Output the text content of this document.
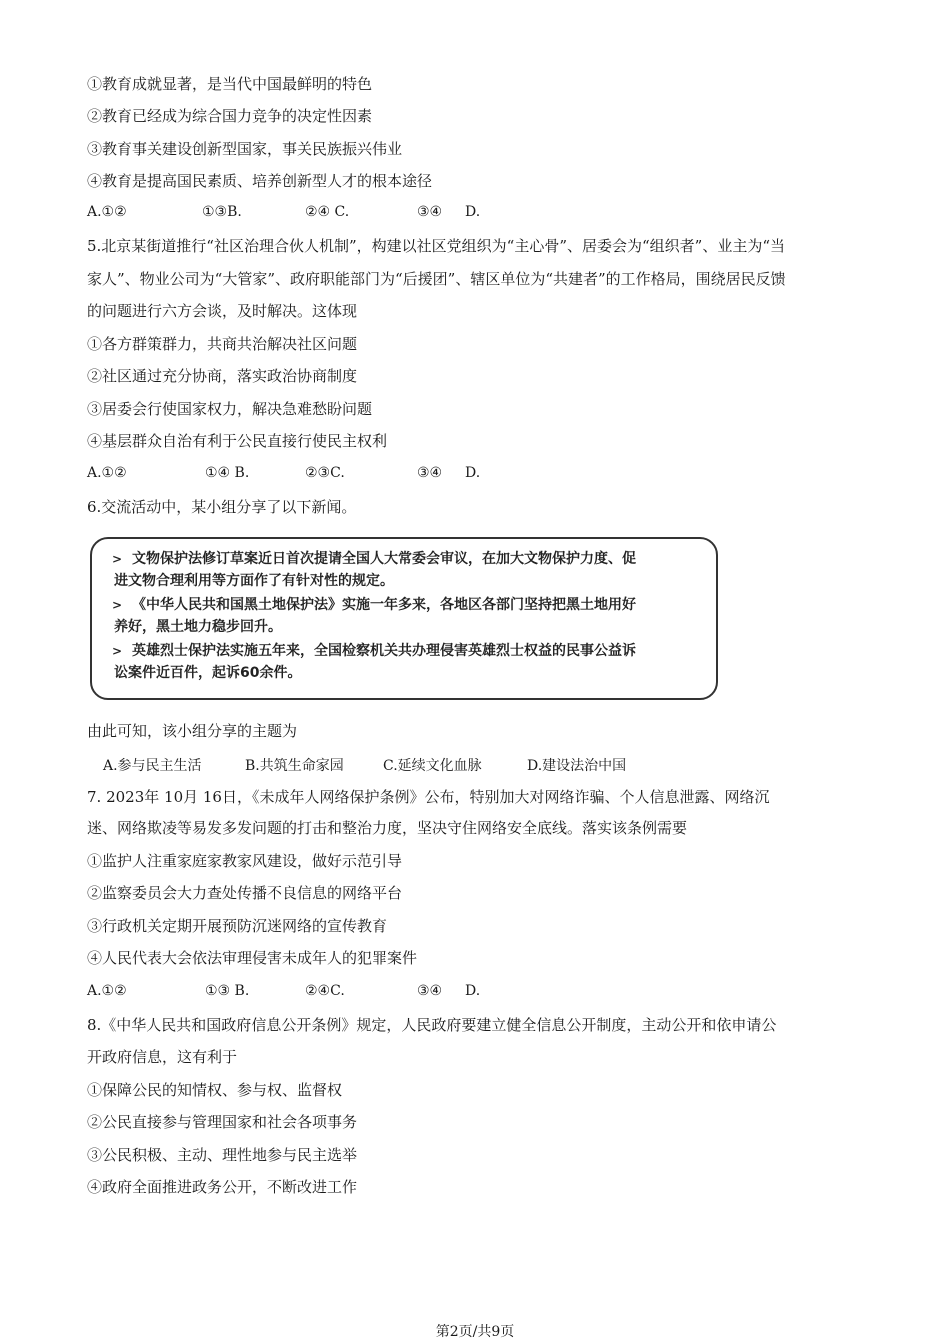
①教育成就显著，是当代中国最鲜明的特色
②教育已经成为综合国力竞争的决定性因素
③教育事关建设创新型国家，事关民族振兴伟业
④教育是提高国民素质、培养创新型人才的根本途径

A.①②

	①③B.

	②④ C.

	③④

D.

5.北京某街道推行“社区治理合伙人机制”，构建以社区党组织为“主心骨”、居委会为“组织者”、业主为“当
家人”、物业公司为“大管家”、政府职能部门为“后援团”、辖区单位为“共建者”的工作格局，围绕居民反馈
的问题进行六方会谈，及时解决。这体现
①各方群策群力，共商共治解决社区问题
②社区通过充分协商，落实政治协商制度
③居委会行使国家权力，解决急难愁盼问题
④基层群众自治有利于公民直接行使民主权利

A.①②

	①④ B.

	②③C.

	③④

D.

6.交流活动中，某小组分享了以下新闻。
> 文物保护法修订草案近日首次提请全国人大常委会审议，在加大文物保护力度、促
进文物合理利用等方面作了有针对性的规定。
> 《中华人民共和国黑土地保护法》实施一年多来，各地区各部门坚持把黑土地用好
养好，黑土地力稳步回升。
> 英雄烈士保护法实施五年来，全国检察机关共办理侵害英雄烈士权益的民事公益诉
讼案件近百件，起诉60余件。
由此可知，该小组分享的主题为

A.参与民主生活

	B.共筑生命家园

	C.延续文化血脉

	D.建设法治中国

7. 2023年 10月 16日，《未成年人网络保护条例》公布，特别加大对网络诈骗、个人信息泄露、网络沉
迷、网络欺凌等易发多发问题的打击和整治力度，坚决守住网络安全底线。落实该条例需要
①监护人注重家庭家教家风建设，做好示范引导
②监察委员会大力查处传播不良信息的网络平台
③行政机关定期开展预防沉迷网络的宣传教育
④人民代表大会依法审理侵害未成年人的犯罪案件

A.①②

	①③ B.

	②④C.

	③④

D.

8.《中华人民共和国政府信息公开条例》规定，人民政府要建立健全信息公开制度，主动公开和依申请公
开政府信息，这有利于
①保障公民的知情权、参与权、监督权
②公民直接参与管理国家和社会各项事务
③公民积极、主动、理性地参与民主选举
④政府全面推进政务公开，不断改进工作
第2页/共9页
